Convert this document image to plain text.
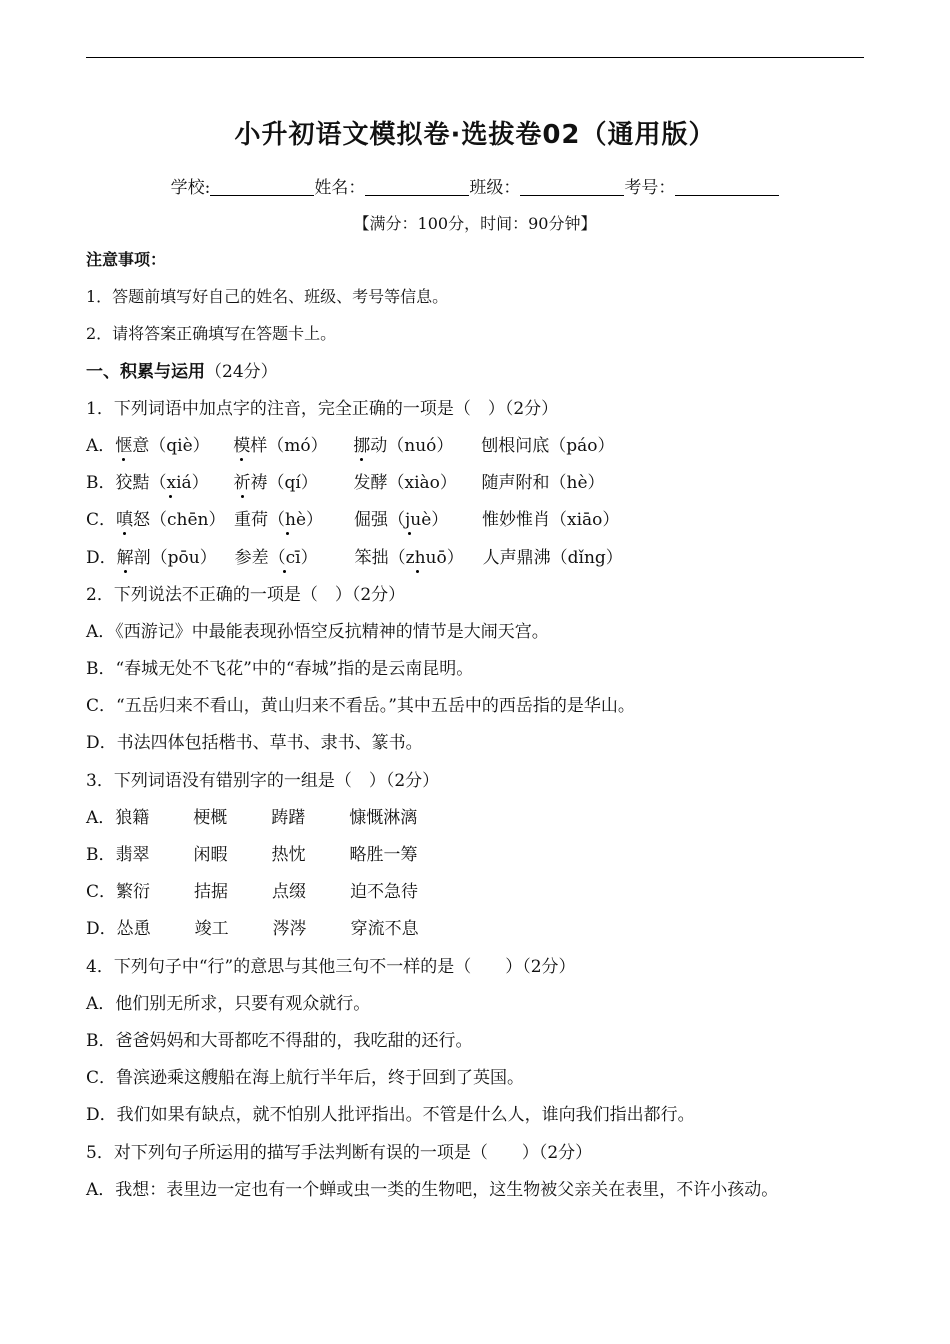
小升初语文模拟卷·选拔卷02（通用版）
学校:	姓名：	班级：	考号：
【满分：100分，时间：90分钟】
注意事项：
1．答题前填写好自己的姓名、班级、考号等信息。
2．请将答案正确填写在答题卡上。
一、积累与运用（24分）
1．下列词语中加点字的注音，完全正确的一项是（　）（2分）
A．惬意（qiè） 模样（mó） 挪动（nuó） 刨根问底（páo）
B．狡黠（xiá） 祈祷（qí） 发酵（xiào） 随声附和（hè）
C．嗔怒（chēn） 重荷（hè） 倔强（juè） 惟妙惟肖（xiāo）
D．解剖（pōu） 参差（cī） 笨拙（zhuō） 人声鼎沸（dǐng）
2．下列说法不正确的一项是（　）（2分）
A．《西游记》中最能表现孙悟空反抗精神的情节是大闹天宫。
B．“春城无处不飞花”中的“春城”指的是云南昆明。
C．“五岳归来不看山，黄山归来不看岳。”其中五岳中的西岳指的是华山。
D．书法四体包括楷书、草书、隶书、篆书。
3．下列词语没有错别字的一组是（　）（2分）
A．狼籍	梗概	踌躇	慷慨淋漓
B．翡翠	闲暇	热忱	略胜一筹
C．繁衍	拮据	点缀	迫不急待
D．怂恿	竣工	涔涔	穿流不息
4．下列句子中“行”的意思与其他三句不一样的是（　　）（2分）
A．他们别无所求，只要有观众就行。
B．爸爸妈妈和大哥都吃不得甜的，我吃甜的还行。
C．鲁滨逊乘这艘船在海上航行半年后，终于回到了英国。
D．我们如果有缺点，就不怕别人批评指出。不管是什么人，谁向我们指出都行。
5．对下列句子所运用的描写手法判断有误的一项是（　　）（2分）
A．我想：表里边一定也有一个蝉或虫一类的生物吧，这生物被父亲关在表里，不许小孩动。
